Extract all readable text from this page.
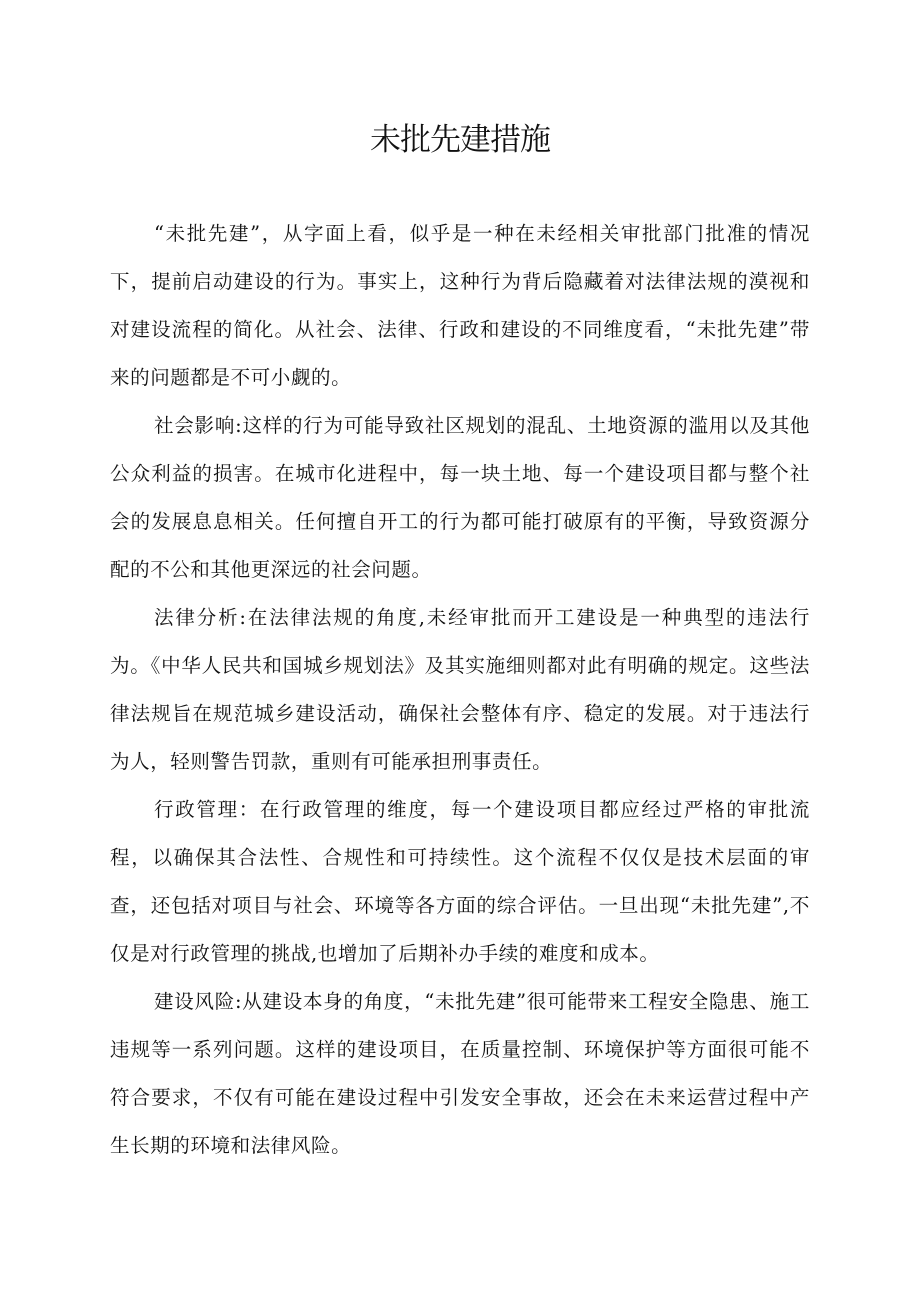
未批先建措施

“未批先建”，从字面上看，似乎是一种在未经相关审批部门批准的情况下，提前启动建设的行为。事实上，这种行为背后隐藏着对法律法规的漠视和对建设流程的简化。从社会、法律、行政和建设的不同维度看，“未批先建”带来的问题都是不可小觑的。

社会影响:这样的行为可能导致社区规划的混乱、土地资源的滥用以及其他公众利益的损害。在城市化进程中，每一块土地、每一个建设项目都与整个社会的发展息息相关。任何擅自开工的行为都可能打破原有的平衡，导致资源分配的不公和其他更深远的社会问题。

法律分析:在法律法规的角度,未经审批而开工建设是一种典型的违法行为。《中华人民共和国城乡规划法》及其实施细则都对此有明确的规定。这些法律法规旨在规范城乡建设活动，确保社会整体有序、稳定的发展。对于违法行为人，轻则警告罚款，重则有可能承担刑事责任。

行政管理：在行政管理的维度，每一个建设项目都应经过严格的审批流程，以确保其合法性、合规性和可持续性。这个流程不仅仅是技术层面的审查，还包括对项目与社会、环境等各方面的综合评估。一旦出现“未批先建”,不仅是对行政管理的挑战,也增加了后期补办手续的难度和成本。

建设风险:从建设本身的角度，“未批先建”很可能带来工程安全隐患、施工违规等一系列问题。这样的建设项目，在质量控制、环境保护等方面很可能不符合要求，不仅有可能在建设过程中引发安全事故，还会在未来运营过程中产生长期的环境和法律风险。
